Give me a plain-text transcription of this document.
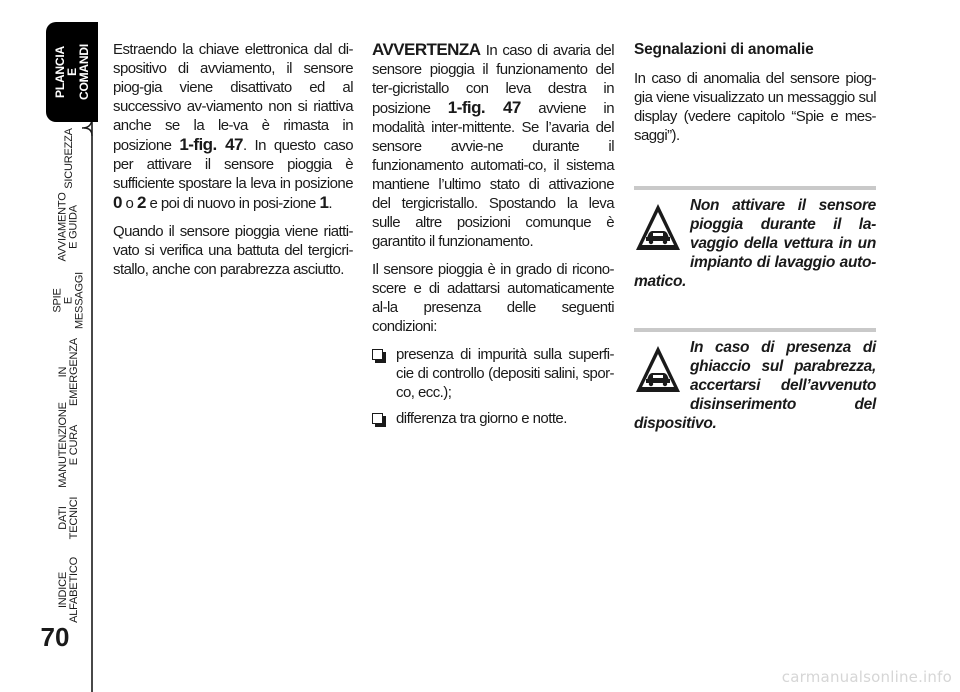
PLANCIA
E COMANDI
SICUREZZA
AVVIAMENTO
E GUIDA
SPIE
E MESSAGGI
IN EMERGENZA
MANUTENZIONE
E CURA
DATI TECNICI
INDICE
ALFABETICO
70

Estraendo la chiave elettronica dal di-spositivo di avviamento, il sensore piog-gia viene disattivato ed al successivo av-viamento non si riattiva anche se la le-va è rimasta in posizione 1-fig. 47. In questo caso per attivare il sensore pioggia è sufficiente spostare la leva in posizione 0 o 2 e poi di nuovo in posi-zione 1.

Quando il sensore pioggia viene riatti-vato si verifica una battuta del tergicri-stallo, anche con parabrezza asciutto.

AVVERTENZA In caso di avaria del sensore pioggia il funzionamento del ter-gicristallo con leva destra in posizione 1-fig. 47 avviene in modalità inter-mittente. Se l’avaria del sensore avvie-ne durante il funzionamento automati-co, il sistema mantiene l’ultimo stato di attivazione del tergicristallo. Spostando la leva sulle altre posizioni comunque è garantito il funzionamento.

Il sensore pioggia è in grado di ricono-scere e di adattarsi automaticamente al-la presenza delle seguenti condizioni:

presenza di impurità sulla superfi-cie di controllo (depositi salini, spor-co, ecc.);
differenza tra giorno e notte.
Segnalazioni di anomalie

In caso di anomalia del sensore piog-gia viene visualizzato un messaggio sul display (vedere capitolo “Spie e mes-saggi”).

Non attivare il sensore pioggia durante il la-vaggio della vettura in un impianto di lavaggio auto-matico.
In caso di presenza di ghiaccio sul parabrezza, accertarsi dell’avvenuto disinserimento del dispositivo.
carmanualsonline.info
